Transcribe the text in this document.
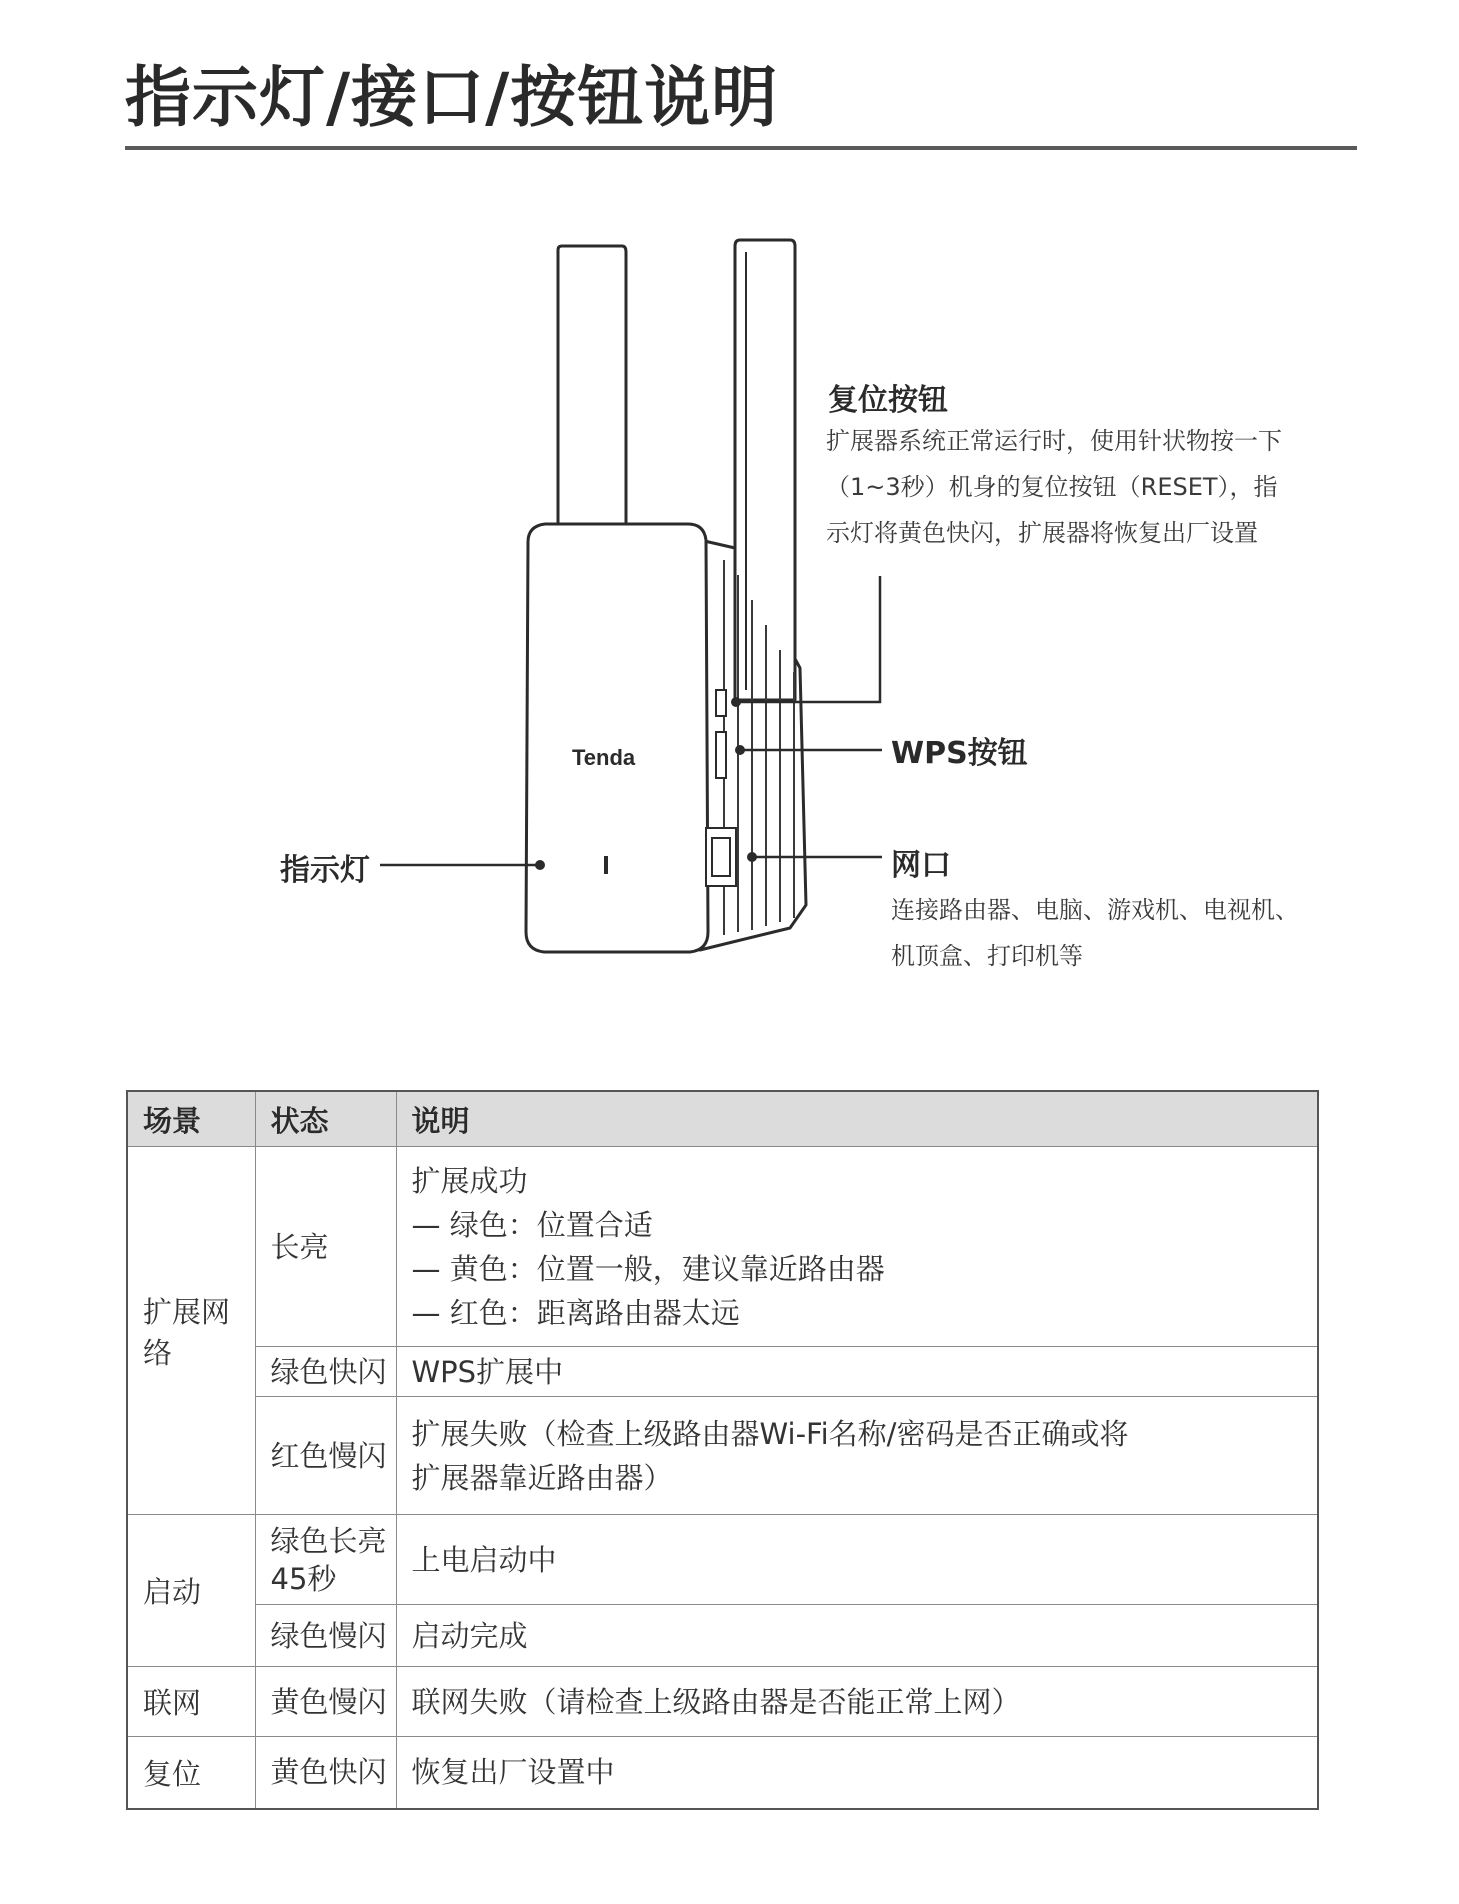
指示灯/接口/按钮说明
Tenda
指示灯
复位按钮
扩展器系统正常运行时，使用针状物按一下
（1~3秒）机身的复位按钮（RESET），指
示灯将黄色快闪，扩展器将恢复出厂设置
WPS按钮
网口
连接路由器、电脑、游戏机、电视机、
机顶盒、打印机等
场景	状态	说明
扩展网络	长亮	扩展成功
— 绿色：位置合适
— 黄色：位置一般，建议靠近路由器
— 红色：距离路由器太远

	绿色快闪	WPS扩展中

	红色慢闪	扩展失败（检查上级路由器Wi-Fi名称/密码是否正确或将
扩展器靠近路由器）

启动	绿色长亮
45秒	上电启动中

	绿色慢闪	启动完成

联网	黄色慢闪	联网失败（请检查上级路由器是否能正常上网）

复位	黄色快闪	恢复出厂设置中
